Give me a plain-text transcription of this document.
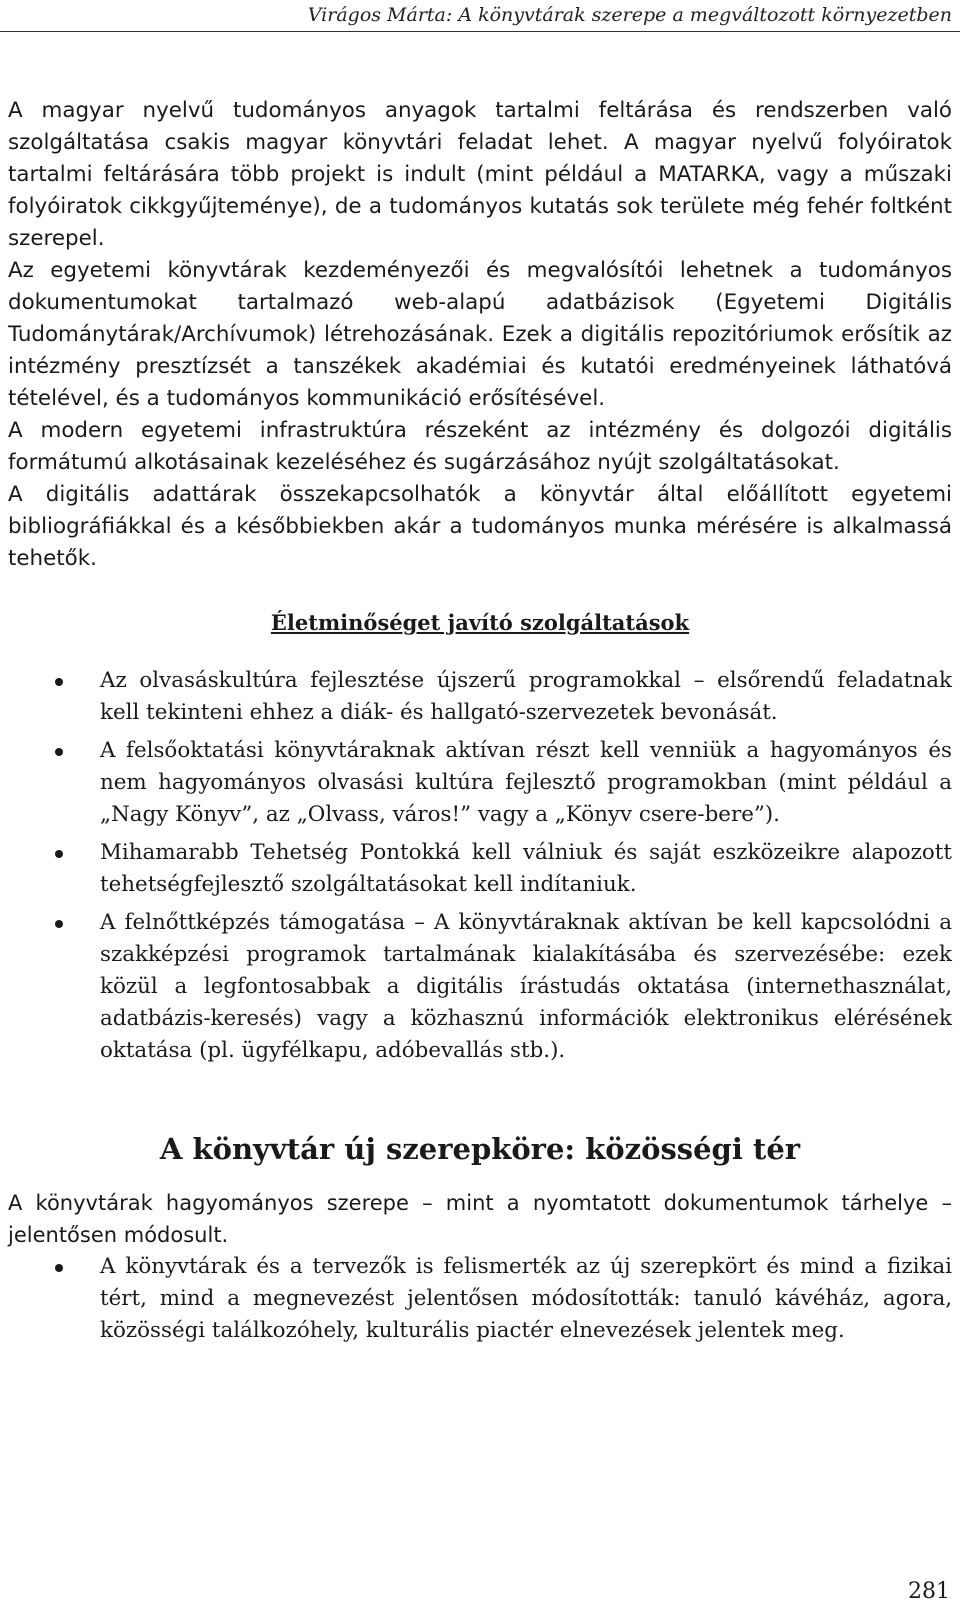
Virágos Márta: A könyvtárak szerepe a megváltozott környezetben

A magyar nyelvű tudományos anyagok tartalmi feltárása és rendszerben való szolgáltatása csakis magyar könyvtári feladat lehet. A magyar nyelvű folyóiratok tartalmi feltárására több projekt is indult (mint például a MATARKA, vagy a műszaki folyóiratok cikkgyűjteménye), de a tudományos kutatás sok területe még fehér foltként szerepel.

Az egyetemi könyvtárak kezdeményezői és megvalósítói lehetnek a tudományos dokumentumokat tartalmazó web-alapú adatbázisok (Egyetemi Digitális Tudománytárak/Archívumok) létrehozásának. Ezek a digitális repozitóriumok erősítik az intézmény presztízsét a tanszékek akadémiai és kutatói eredményeinek láthatóvá tételével, és a tudományos kommunikáció erősítésével.

A modern egyetemi infrastruktúra részeként az intézmény és dolgozói digitális formátumú alkotásainak kezeléséhez és sugárzásához nyújt szolgáltatásokat.

A digitális adattárak összekapcsolhatók a könyvtár által előállított egyetemi bibliográfiákkal és a későbbiekben akár a tudományos munka mérésére is alkalmassá tehetők.

Életminőséget javító szolgáltatások
Az olvasáskultúra fejlesztése újszerű programokkal – elsőrendű feladatnak kell tekinteni ehhez a diák- és hallgató-szervezetek bevonását.
A felsőoktatási könyvtáraknak aktívan részt kell venniük a hagyományos és nem hagyományos olvasási kultúra fejlesztő programokban (mint például a „Nagy Könyv”, az „Olvass, város!” vagy a „Könyv csere-bere”).
Mihamarabb Tehetség Pontokká kell válniuk és saját eszközeikre alapozott tehetségfejlesztő szolgáltatásokat kell indítaniuk.
A felnőttképzés támogatása – A könyvtáraknak aktívan be kell kapcsolódni a szakképzési programok tartalmának kialakításába és szervezésébe: ezek közül a legfontosabbak a digitális írástudás oktatása (internethasználat, adatbázis-keresés) vagy a közhasznú információk elektronikus elérésének oktatása (pl. ügyfélkapu, adóbevallás stb.).
A könyvtár új szerepköre: közösségi tér

A könyvtárak hagyományos szerepe – mint a nyomtatott dokumentumok tárhelye – jelentősen módosult.

A könyvtárak és a tervezők is felismerték az új szerepkört és mind a fizikai tért, mind a megnevezést jelentősen módosították: tanuló kávéház, agora, közösségi találkozóhely, kulturális piactér elnevezések jelentek meg.
281
